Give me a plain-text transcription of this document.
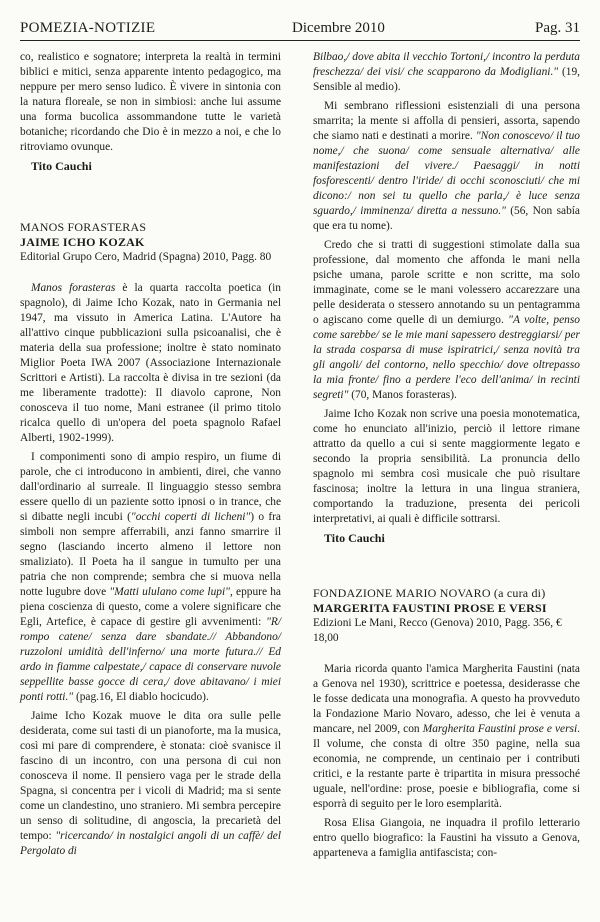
POMEZIA-NOTIZIE	Dicembre 2010	Pag. 31

co, realistico e sognatore; interpreta la realtà in termini biblici e mitici, senza apparente intento pedagogico, ma neppure per mero senso ludico. È vivere in sintonia con la natura floreale, se non in simbiosi: anche lui assume una forma bucolica assommandone tutte le varietà botaniche; ricordando che Dio è in mezzo a noi, e che lo ritroviamo ovunque.

Tito Cauchi

MANOS FORASTERAS
JAIME ICHO KOZAK
Editorial Grupo Cero, Madrid (Spagna) 2010, Pagg. 80

Manos forasteras è la quarta raccolta poetica (in spagnolo), di Jaime Icho Kozak, nato in Germania nel 1947, ma vissuto in America Latina. L'Autore ha all'attivo cinque pubblicazioni sulla psicoanalisi, che è materia della sua professione; inoltre è stato nominato Miglior Poeta IWA 2007 (Associazione Internazionale Scrittori e Artisti). La raccolta è divisa in tre sezioni (da me liberamente tradotte): Il diavolo caprone, Non conosceva il tuo nome, Mani estranee (il primo titolo ricalca quello di un'opera del poeta spagnolo Rafael Alberti, 1902-1999).

I componimenti sono di ampio respiro, un fiume di parole, che ci introducono in ambienti, direi, che vanno dall'ordinario al surreale. Il linguaggio stesso sembra essere quello di un paziente sotto ipnosi o in trance, che si dibatte negli incubi ("occhi coperti di licheni") o fra simboli non sempre afferrabili, anzi fanno smarrire il segno (lasciando incerto almeno il lettore non smaliziato). Il Poeta ha il sangue in tumulto per una patria che non comprende; sembra che si muova nella notte lugubre dove "Matti ululano come lupi", eppure ha piena coscienza di questo, come a volere significare che Egli, Artefice, è capace di gestire gli avvenimenti: "R/ rompo catene/ senza dare sbandate.// Abbandono/ ruzzoloni umidità dell'inferno/ una morte futura.// Ed ardo in fiamme calpestate,/ capace di conservare nuvole seppellite basse gocce di cera,/ dove abitavano/ i miei ponti rotti." (pag.16, El diablo hocicudo).

Jaime Icho Kozak muove le dita ora sulle pelle desiderata, come sui tasti di un pianoforte, ma la musica, così mi pare di comprendere, è stonata: cioè svanisce il fascino di un incontro, con una persona di cui non conosceva il nome. Il pensiero vaga per le strade della Spagna, si concentra per i vicoli di Madrid; ma si sente come un clandestino, uno straniero. Mi sembra percepire un senso di solitudine, di angoscia, la precarietà del tempo: "ricercando/ in nostalgici angoli di un caffè/ del Pergolato di

Bilbao,/ dove abita il vecchio Tortoni,/ incontro la perduta freschezza/ dei visi/ che scapparono da Modigliani." (19, Sensible al medio).

Mi sembrano riflessioni esistenziali di una persona smarrita; la mente si affolla di pensieri, assorta, sapendo che siamo nati e destinati a morire. "Non conoscevo/ il tuo nome,/ che suona/ come sensuale alternativa/ alle manifestazioni del vivere./ Paesaggi/ in notti fosforescenti/ dentro l'iride/ di occhi sconosciuti/ che mi dicono:/ non sei tu quello che parla,/ è luce senza sguardo,/ imminenza/ diretta a nessuno." (56, Non sabía que era tu nome).

Credo che si tratti di suggestioni stimolate dalla sua professione, dal momento che affonda le mani nella psiche umana, parole scritte e non scritte, ma solo immaginate, come se le mani volessero accarezzare una pelle desiderata o stessero annotando su un pentagramma o agiscano come quelle di un demiurgo. "A volte, penso come sarebbe/ se le mie mani sapessero destreggiarsi/ per la strada cosparsa di muse ispiratrici,/ senza novità tra gli angoli/ del contorno, nello specchio/ dove oltrepasso la mia fronte/ fino a perdere l'eco dell'anima/ in recinti segreti" (70, Manos forasteras).

Jaime Icho Kozak non scrive una poesia monotematica, come ho enunciato all'inizio, perciò il lettore rimane attratto da quello a cui si sente maggiormente legato e secondo la propria sensibilità. La pronuncia dello spagnolo mi sembra così musicale che può risultare fascinosa; inoltre la lettura in una lingua straniera, comportando la traduzione, presenta dei pericoli interpretativi, ai quali è difficile sottrarsi.

Tito Cauchi

FONDAZIONE MARIO NOVARO (a cura di)
MARGERITA FAUSTINI PROSE E VERSI
Edizioni Le Mani, Recco (Genova) 2010, Pagg. 356, € 18,00

Maria ricorda quanto l'amica Margherita Faustini (nata a Genova nel 1930), scrittrice e poetessa, desiderasse che le fosse dedicata una monografia. A questo ha provveduto la Fondazione Mario Novaro, adesso, che lei è venuta a mancare, nel 2009, con Margherita Faustini prose e versi. Il volume, che consta di oltre 350 pagine, nella sua economia, ne comprende, un centinaio per i contributi critici, e la restante parte è tripartita in misura pressoché uguale, nell'ordine: prose, poesie e bibliografia, come si esporrà di seguito per le loro esemplarità.

Rosa Elisa Giangoia, ne inquadra il profilo letterario entro quello biografico: la Faustini ha vissuto a Genova, apparteneva a famiglia antifascista; con-
